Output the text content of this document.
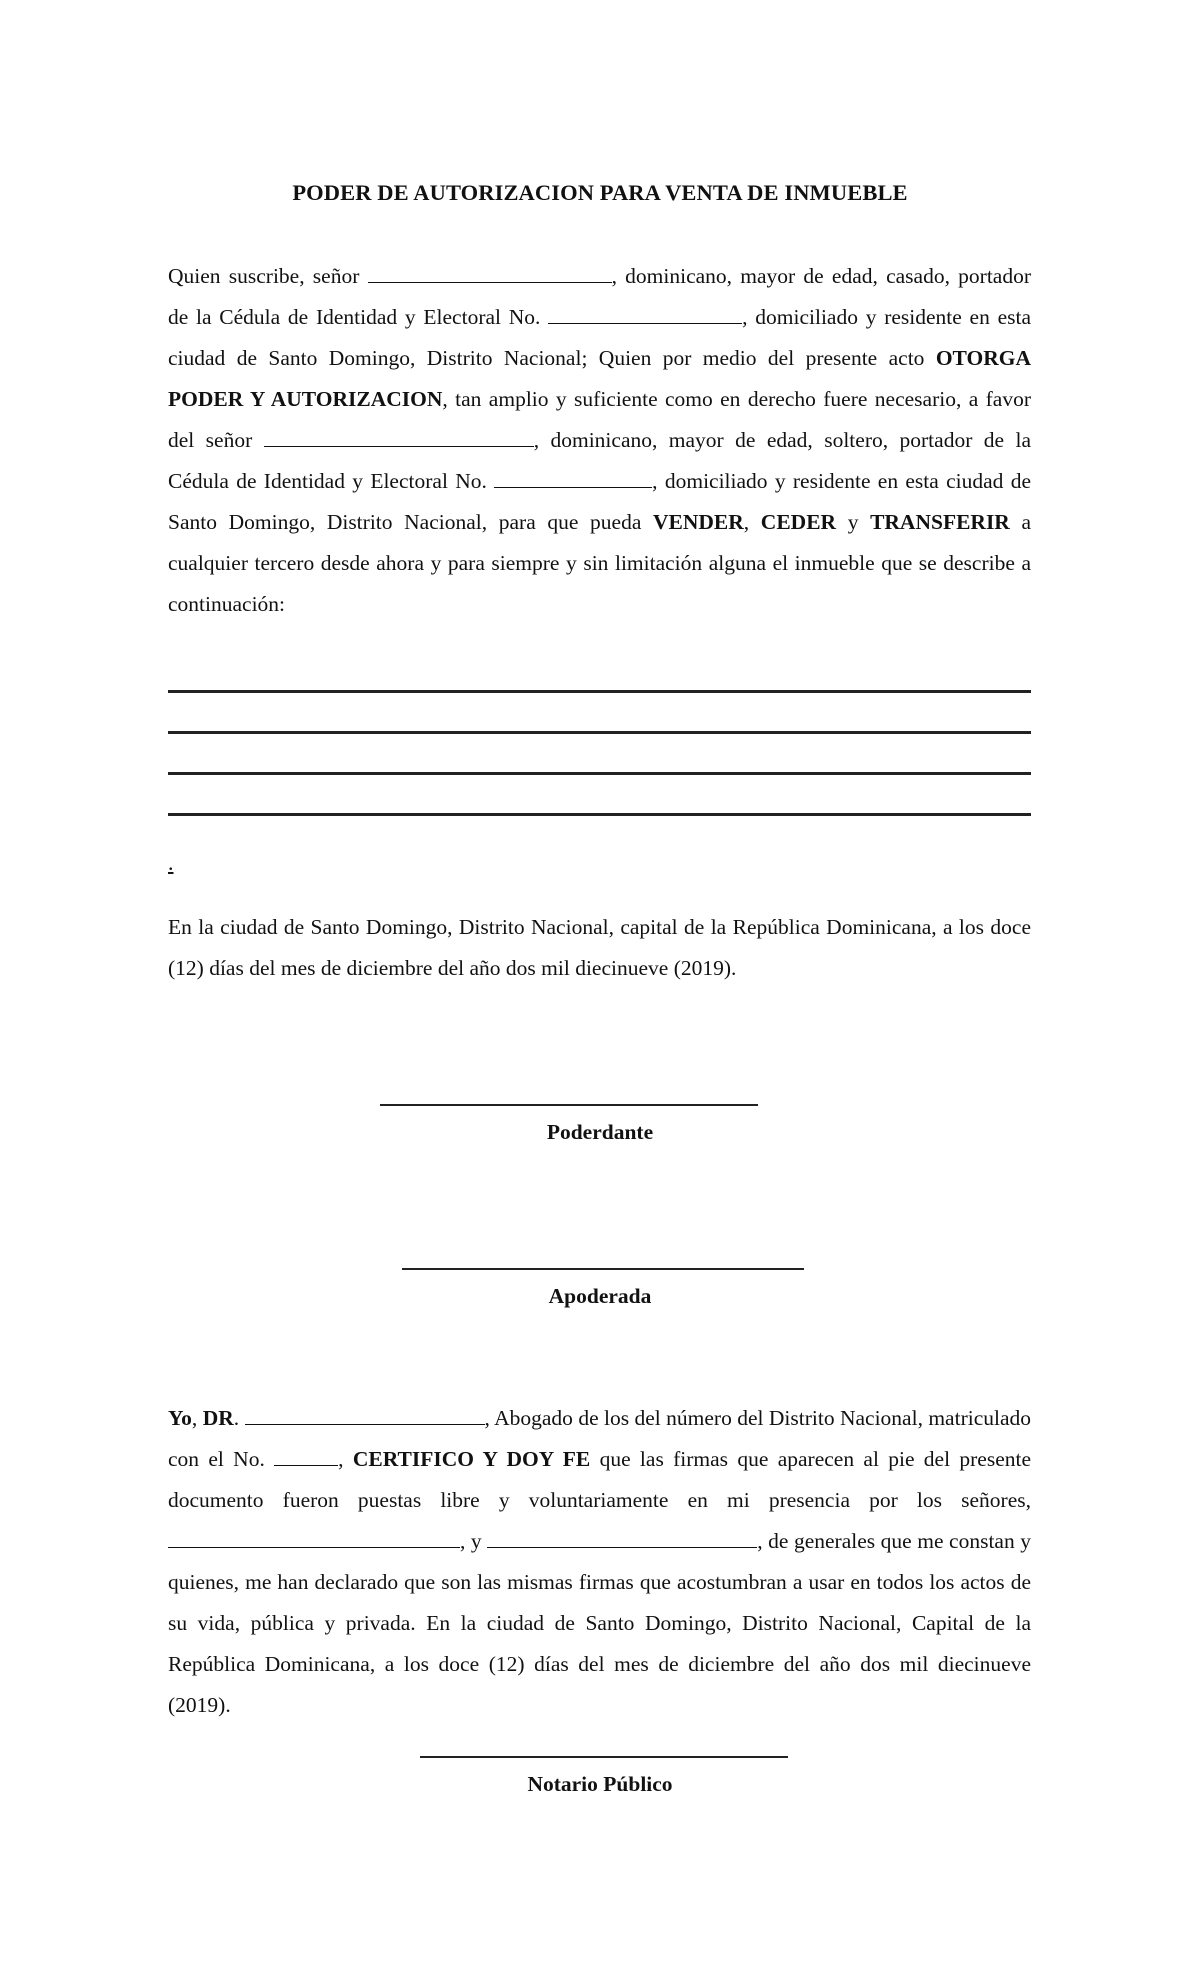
PODER DE AUTORIZACION PARA VENTA DE INMUEBLE

Quien suscribe, señor	, dominicano, mayor de edad, casado, portador de la Cédula de Identidad y Electoral No.	, domiciliado y residente en esta ciudad de Santo Domingo, Distrito Nacional; Quien por medio del presente acto OTORGA PODER Y AUTORIZACION, tan amplio y suficiente como en derecho fuere necesario, a favor del señor	, dominicano, mayor de edad, soltero, portador de la Cédula de Identidad y Electoral No.	, domiciliado y residente en esta ciudad de Santo Domingo, Distrito Nacional, para que pueda VENDER, CEDER y TRANSFERIR a cualquier tercero desde ahora y para siempre y sin limitación alguna el inmueble que se describe a continuación:

.

En la ciudad de Santo Domingo, Distrito Nacional, capital de la República Dominicana, a los doce (12) días del mes de diciembre del año dos mil diecinueve (2019).

Poderdante
Apoderada

Yo, DR.	, Abogado de los del número del Distrito Nacional, matriculado con el No.	, CERTIFICO Y DOY FE que las firmas que aparecen al pie del presente documento fueron puestas libre y voluntariamente en mi presencia por los señores, , y	, de generales que me constan y quienes, me han declarado que son las mismas firmas que acostumbran a usar en todos los actos de su vida, pública y privada. En la ciudad de Santo Domingo, Distrito Nacional, Capital de la República Dominicana, a los doce (12) días del mes de diciembre del año dos mil diecinueve (2019).

Notario Público
